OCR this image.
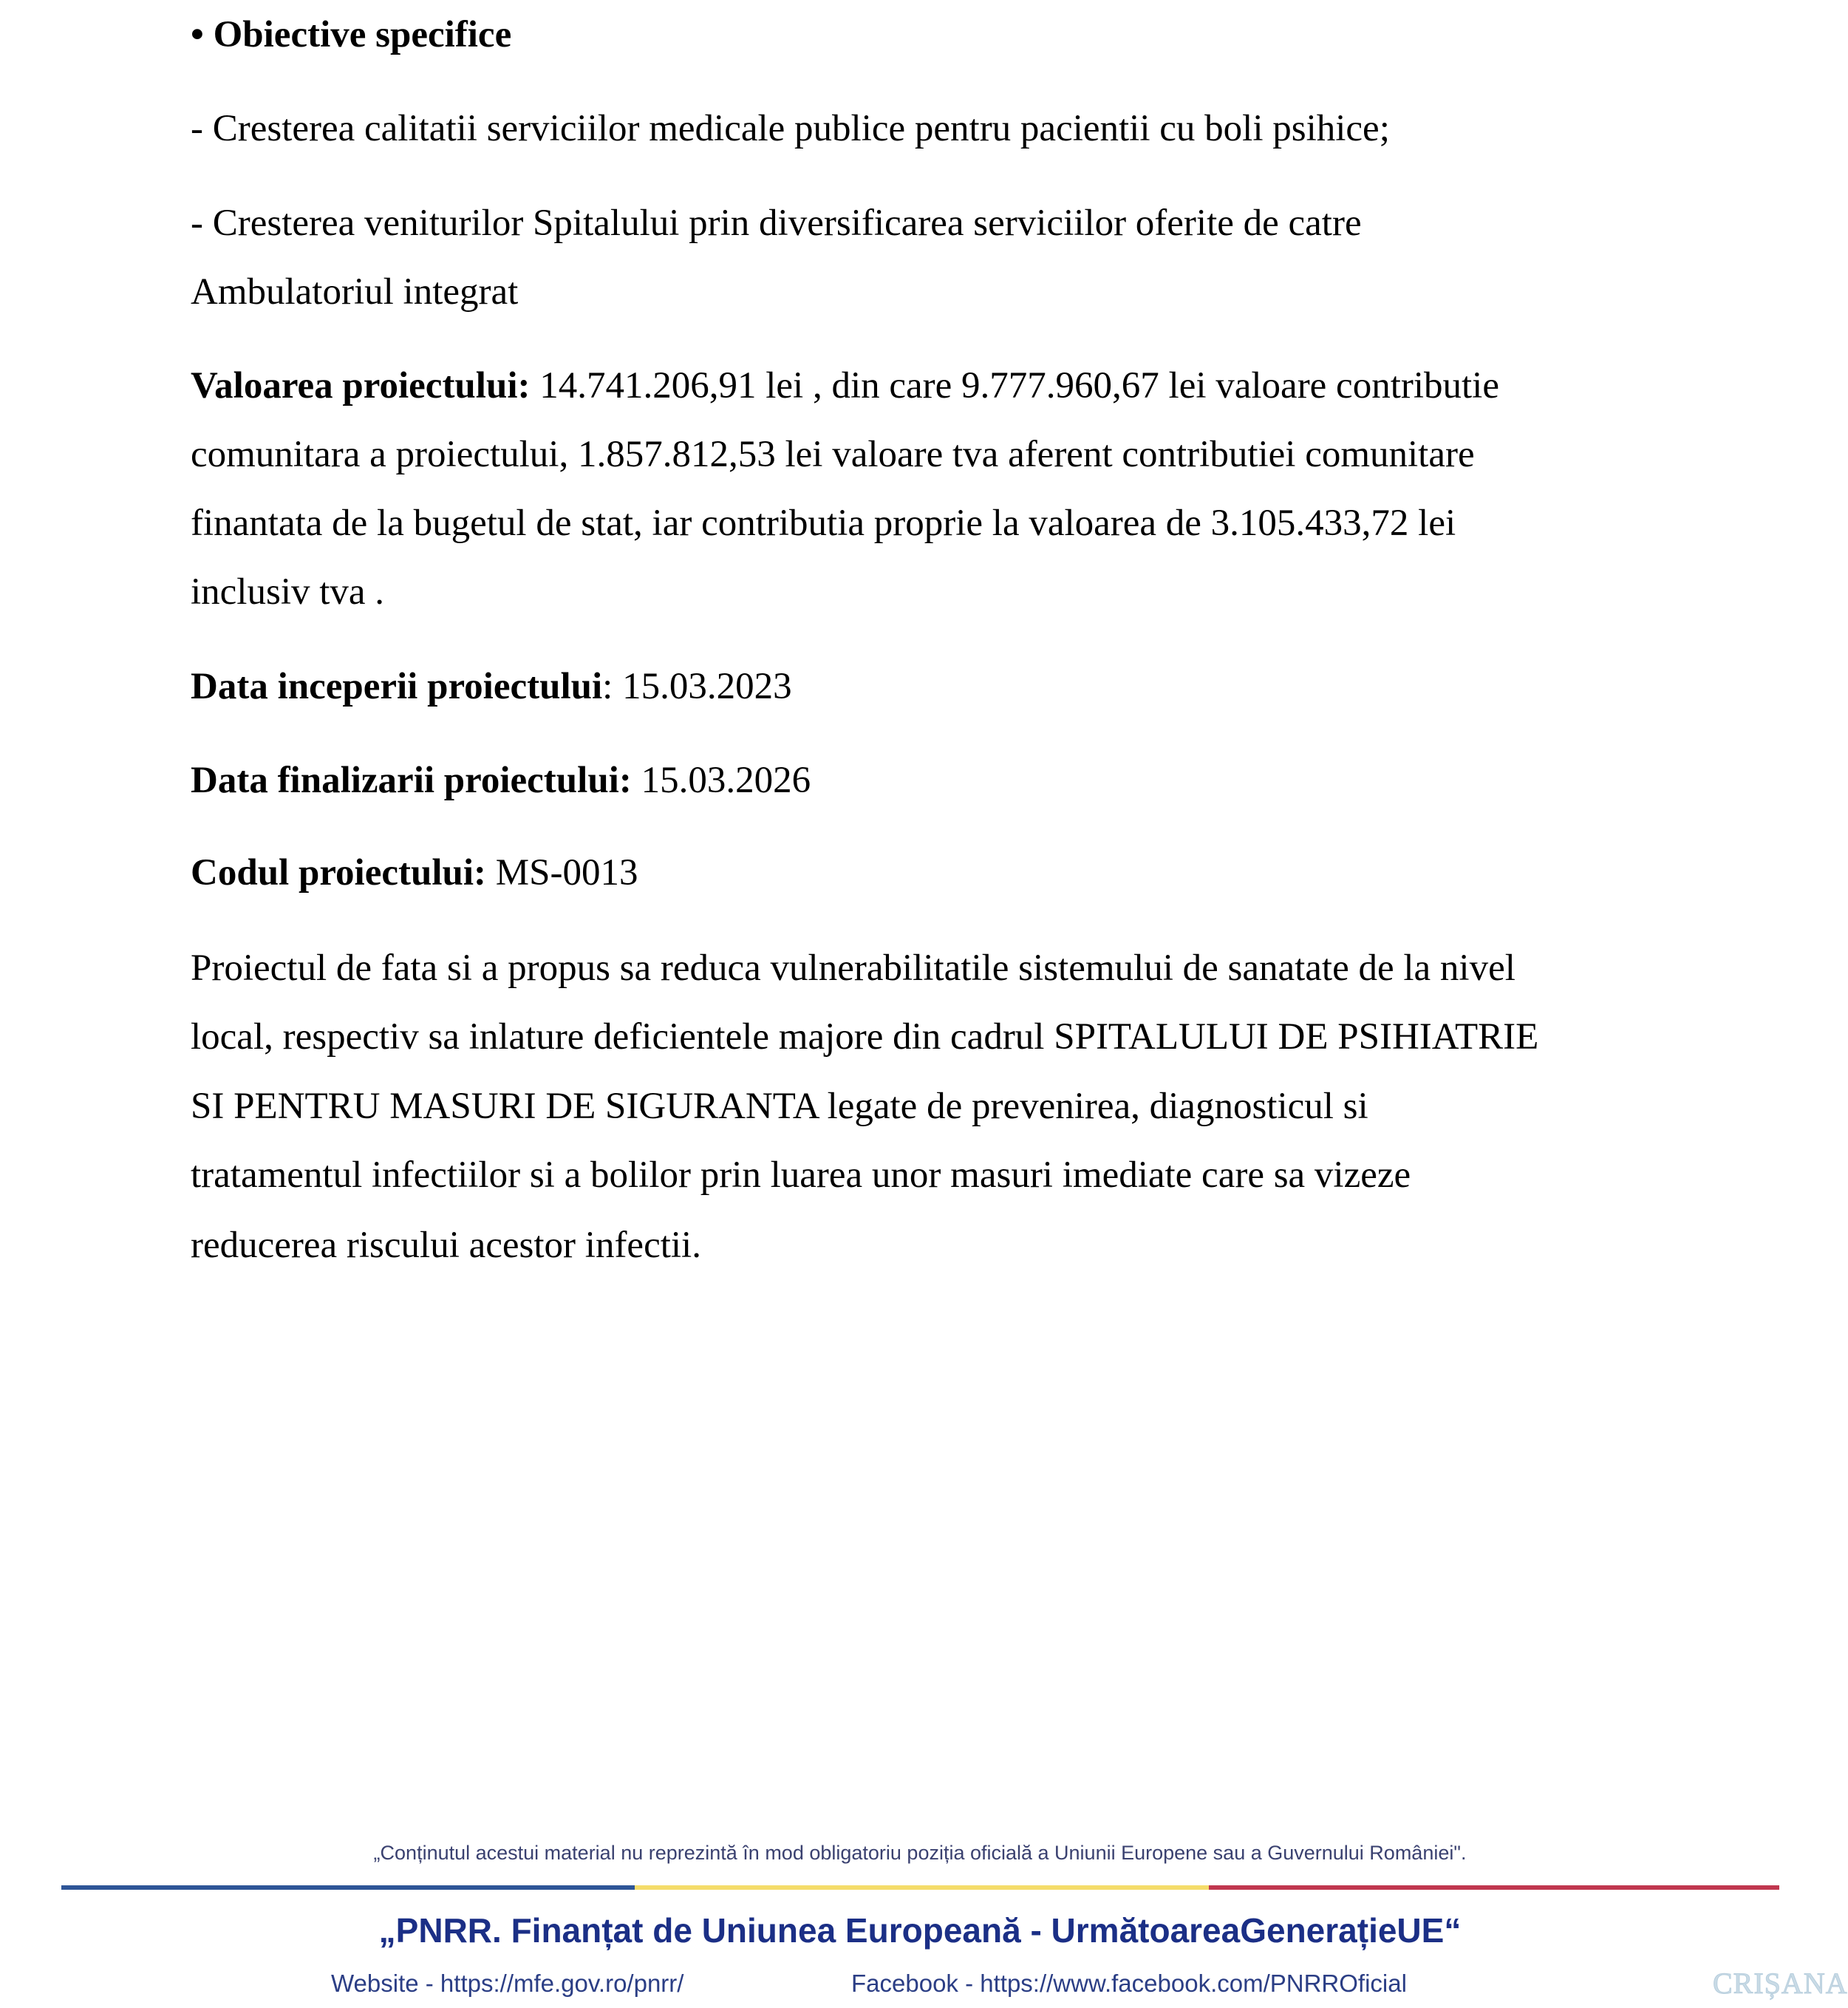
• Obiective specifice
- Cresterea calitatii serviciilor medicale publice pentru pacientii cu boli psihice;
- Cresterea veniturilor Spitalului prin diversificarea serviciilor oferite de catre
Ambulatoriul integrat
Valoarea proiectului: 14.741.206,91 lei , din care 9.777.960,67 lei valoare contributie
comunitara a proiectului, 1.857.812,53 lei valoare tva aferent contributiei comunitare
finantata de la bugetul de stat, iar contributia proprie la valoarea de 3.105.433,72 lei
inclusiv tva .
Data inceperii proiectului: 15.03.2023
Data finalizarii proiectului: 15.03.2026
Codul proiectului: MS-0013
Proiectul de fata si a propus sa reduca vulnerabilitatile sistemului de sanatate de la nivel
local, respectiv sa inlature deficientele majore din cadrul SPITALULUI DE PSIHIATRIE
SI PENTRU MASURI DE SIGURANTA legate de prevenirea, diagnosticul si
tratamentul infectiilor si a bolilor prin luarea unor masuri imediate care sa vizeze
reducerea riscului acestor infectii.
„Conținutul acestui material nu reprezintă în mod obligatoriu poziția oficială a Uniunii Europene sau a Guvernului României".
„PNRR. Finanțat de Uniunea Europeană - UrmătoareaGenerațieUE“
Website - https://mfe.gov.ro/pnrr/	Facebook - https://www.facebook.com/PNRROficial	CRIȘANA
